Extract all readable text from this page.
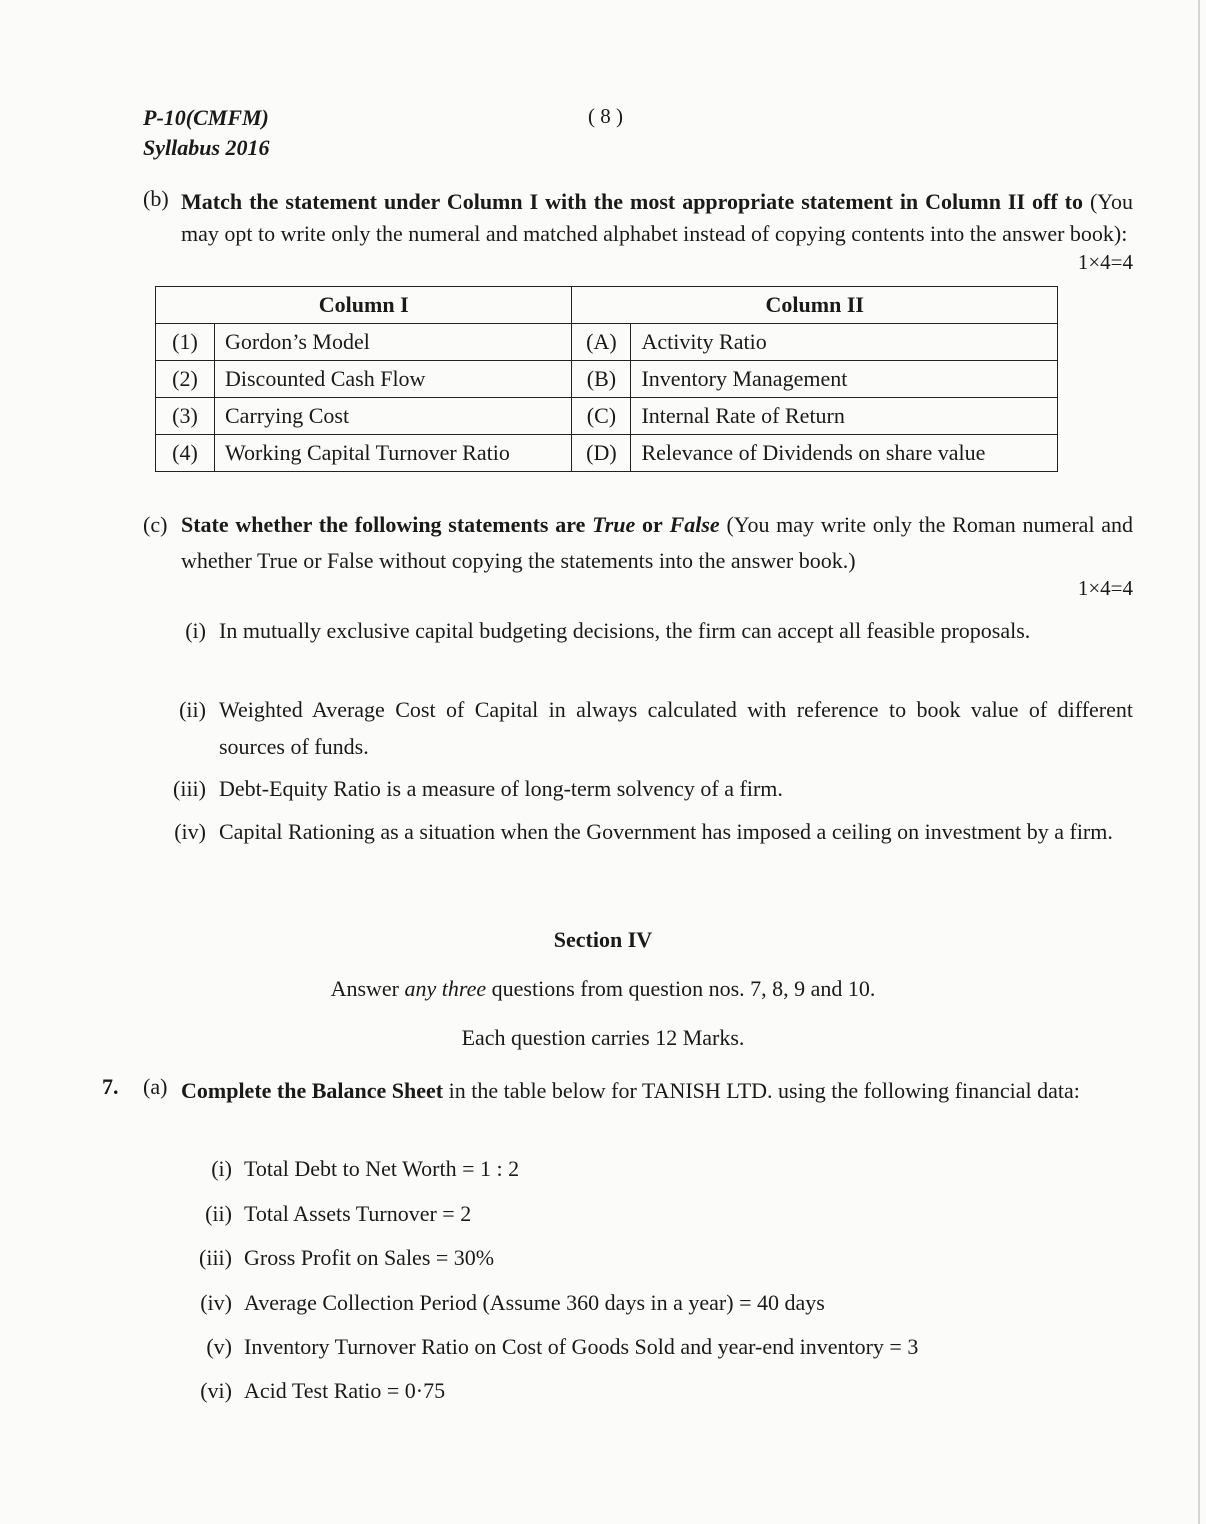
P-10(CMFM)
Syllabus 2016
( 8 )
(b) Match the statement under Column I with the most appropriate statement in Column II off to (You may opt to write only the numeral and matched alphabet instead of copying contents into the answer book):
1×4=4
Column I		Column II	
(1)	Gordon’s Model	(A)	Activity Ratio
(2)	Discounted Cash Flow	(B)	Inventory Management
(3)	Carrying Cost	(C)	Internal Rate of Return
(4)	Working Capital Turnover Ratio	(D)	Relevance of Dividends on share value
(c) State whether the following statements are True or False (You may write only the Roman numeral and whether True or False without copying the statements into the answer book.)
1×4=4
(i) In mutually exclusive capital budgeting decisions, the firm can accept all feasible proposals.
(ii) Weighted Average Cost of Capital in always calculated with reference to book value of different sources of funds.
(iii) Debt-Equity Ratio is a measure of long-term solvency of a firm.
(iv) Capital Rationing as a situation when the Government has imposed a ceiling on investment by a firm.
Section IV
Answer any three questions from question nos. 7, 8, 9 and 10.
Each question carries 12 Marks.
7. (a) Complete the Balance Sheet in the table below for TANISH LTD. using the following financial data:
(i) Total Debt to Net Worth = 1 : 2
(ii) Total Assets Turnover = 2
(iii) Gross Profit on Sales = 30%
(iv) Average Collection Period (Assume 360 days in a year) = 40 days
(v) Inventory Turnover Ratio on Cost of Goods Sold and year-end inventory = 3
(vi) Acid Test Ratio = 0·75
